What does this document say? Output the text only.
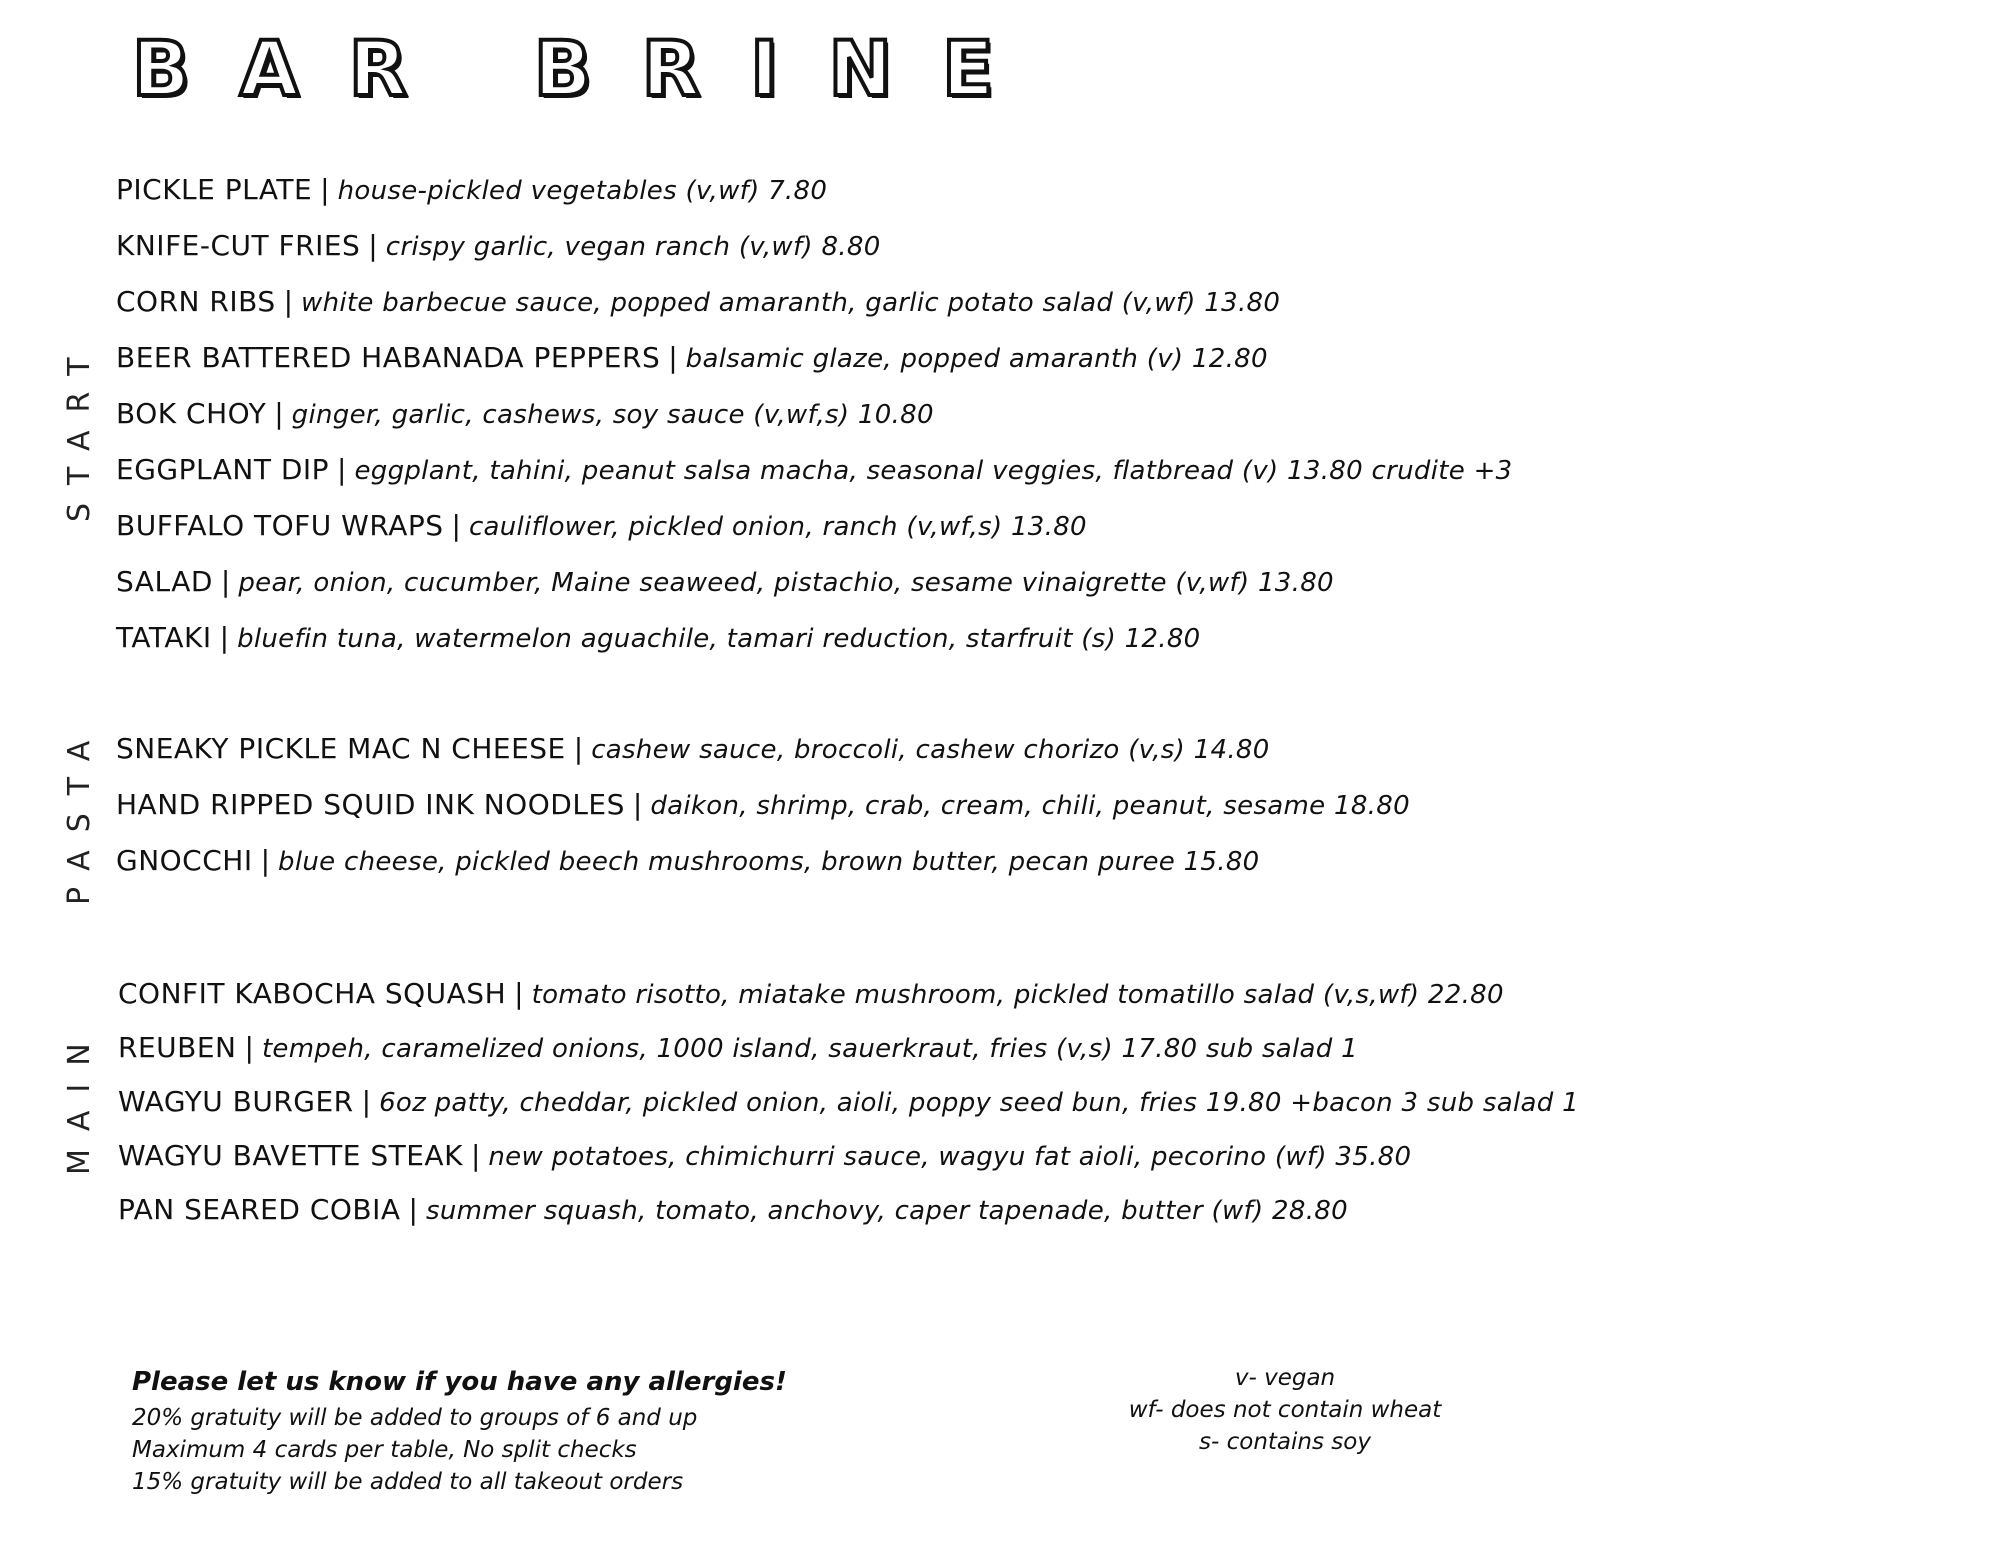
BAR BRINE
START
PASTA
MAIN
PICKLE PLATE | house-pickled vegetables (v,wf) 7.80
KNIFE-CUT FRIES | crispy garlic, vegan ranch (v,wf) 8.80
CORN RIBS | white barbecue sauce, popped amaranth, garlic potato salad (v,wf) 13.80
BEER BATTERED HABANADA PEPPERS | balsamic glaze, popped amaranth (v) 12.80
BOK CHOY | ginger, garlic, cashews, soy sauce (v,wf,s) 10.80
EGGPLANT DIP | eggplant, tahini, peanut salsa macha, seasonal veggies, flatbread (v) 13.80 crudite +3
BUFFALO TOFU WRAPS | cauliflower, pickled onion, ranch (v,wf,s) 13.80
SALAD | pear, onion, cucumber, Maine seaweed, pistachio, sesame vinaigrette (v,wf) 13.80
TATAKI | bluefin tuna, watermelon aguachile, tamari reduction, starfruit (s) 12.80
SNEAKY PICKLE MAC N CHEESE | cashew sauce, broccoli, cashew chorizo (v,s) 14.80
HAND RIPPED SQUID INK NOODLES | daikon, shrimp, crab, cream, chili, peanut, sesame 18.80
GNOCCHI | blue cheese, pickled beech mushrooms, brown butter, pecan puree 15.80
CONFIT KABOCHA SQUASH | tomato risotto, miatake mushroom, pickled tomatillo salad (v,s,wf) 22.80
REUBEN | tempeh, caramelized onions, 1000 island, sauerkraut, fries (v,s) 17.80 sub salad 1
WAGYU BURGER | 6oz patty, cheddar, pickled onion, aioli, poppy seed bun, fries 19.80 +bacon 3 sub salad 1
WAGYU BAVETTE STEAK | new potatoes, chimichurri sauce, wagyu fat aioli, pecorino (wf) 35.80
PAN SEARED COBIA | summer squash, tomato, anchovy, caper tapenade, butter (wf) 28.80
Please let us know if you have any allergies!
20% gratuity will be added to groups of 6 and up
Maximum 4 cards per table, No split checks
15% gratuity will be added to all takeout orders
v- vegan
wf- does not contain wheat
s- contains soy
